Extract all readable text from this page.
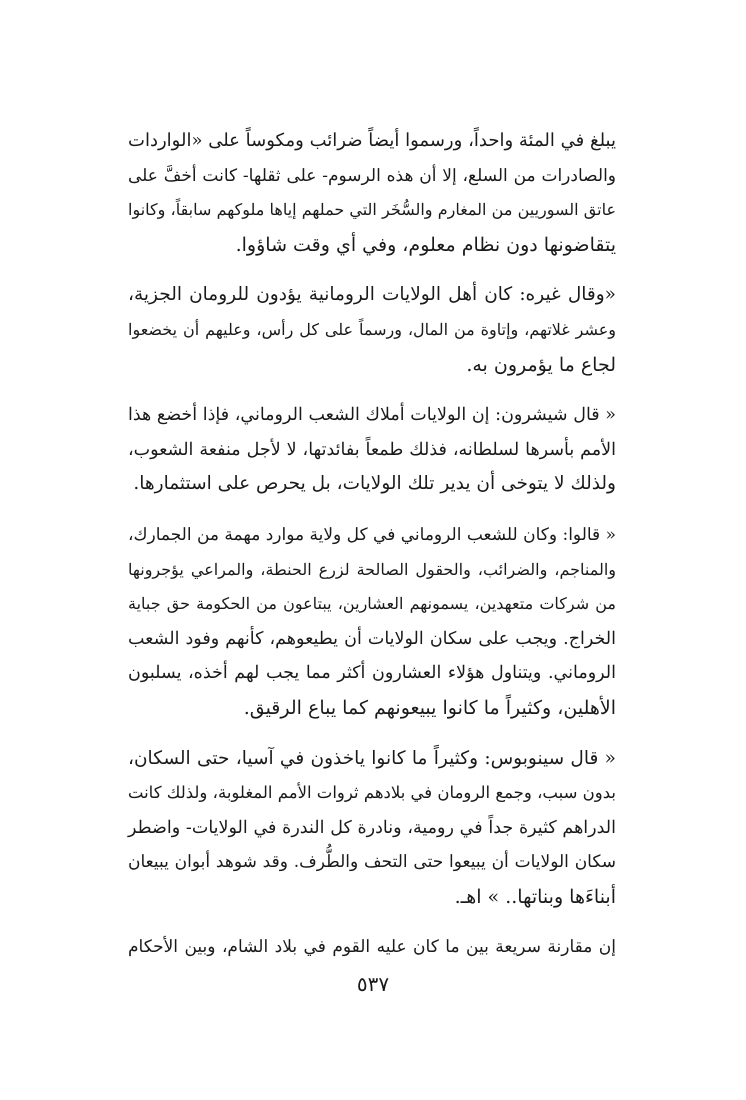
يبلغ في المئة واحداً، ورسموا أيضاً ضرائب ومكوساً على «الواردات
والصادرات من السلع، إلا أن هذه الرسوم- على ثقلها- كانت أخفَّ على
عاتق السوريين من المغارم والسُّخَر التي حملهم إياها ملوكهم سابقاً، وكانوا
يتقاضونها دون نظام معلوم، وفي أي وقت شاؤوا.

«وقال غيره: كان أهل الولايات الرومانية يؤدون للرومان الجزية،
وعشر غلاتهم، وإتاوة من المال، ورسماً على كل رأس، وعليهم أن يخضعوا
لجاع ما يؤمرون به.

« قال شيشرون: إن الولايات أملاك الشعب الروماني، فإذا أخضع هذا
الأمم بأسرها لسلطانه، فذلك طمعاً بفائدتها، لا لأجل منفعة الشعوب،
ولذلك لا يتوخى أن يدير تلك الولايات، بل يحرص على استثمارها.

« قالوا: وكان للشعب الروماني في كل ولاية موارد مهمة من الجمارك،
والمناجم، والضرائب، والحقول الصالحة لزرع الحنطة، والمراعي يؤجرونها
من شركات متعهدين، يسمونهم العشارين، يبتاعون من الحكومة حق جباية
الخراج. ويجب على سكان الولايات أن يطيعوهم، كأنهم وفود الشعب
الروماني. ويتناول هؤلاء العشارون أكثر مما يجب لهم أخذه، يسلبون
الأهلين، وكثيراً ما كانوا يبيعونهم كما يباع الرقيق.

« قال سينوبوس: وكثيراً ما كانوا ياخذون في آسيا، حتى السكان،
بدون سبب، وجمع الرومان في بلادهم ثروات الأمم المغلوبة، ولذلك كانت
الدراهم كثيرة جداً في رومية، ونادرة كل الندرة في الولايات- واضطر
سكان الولايات أن يبيعوا حتى التحف والطُّرف. وقد شوهد أبوان يبيعان
أبناءَها وبناتها.. » اهـ.

إن مقارنة سريعة بين ما كان عليه القوم في بلاد الشام، وبين الأحكام

٥٣٧
